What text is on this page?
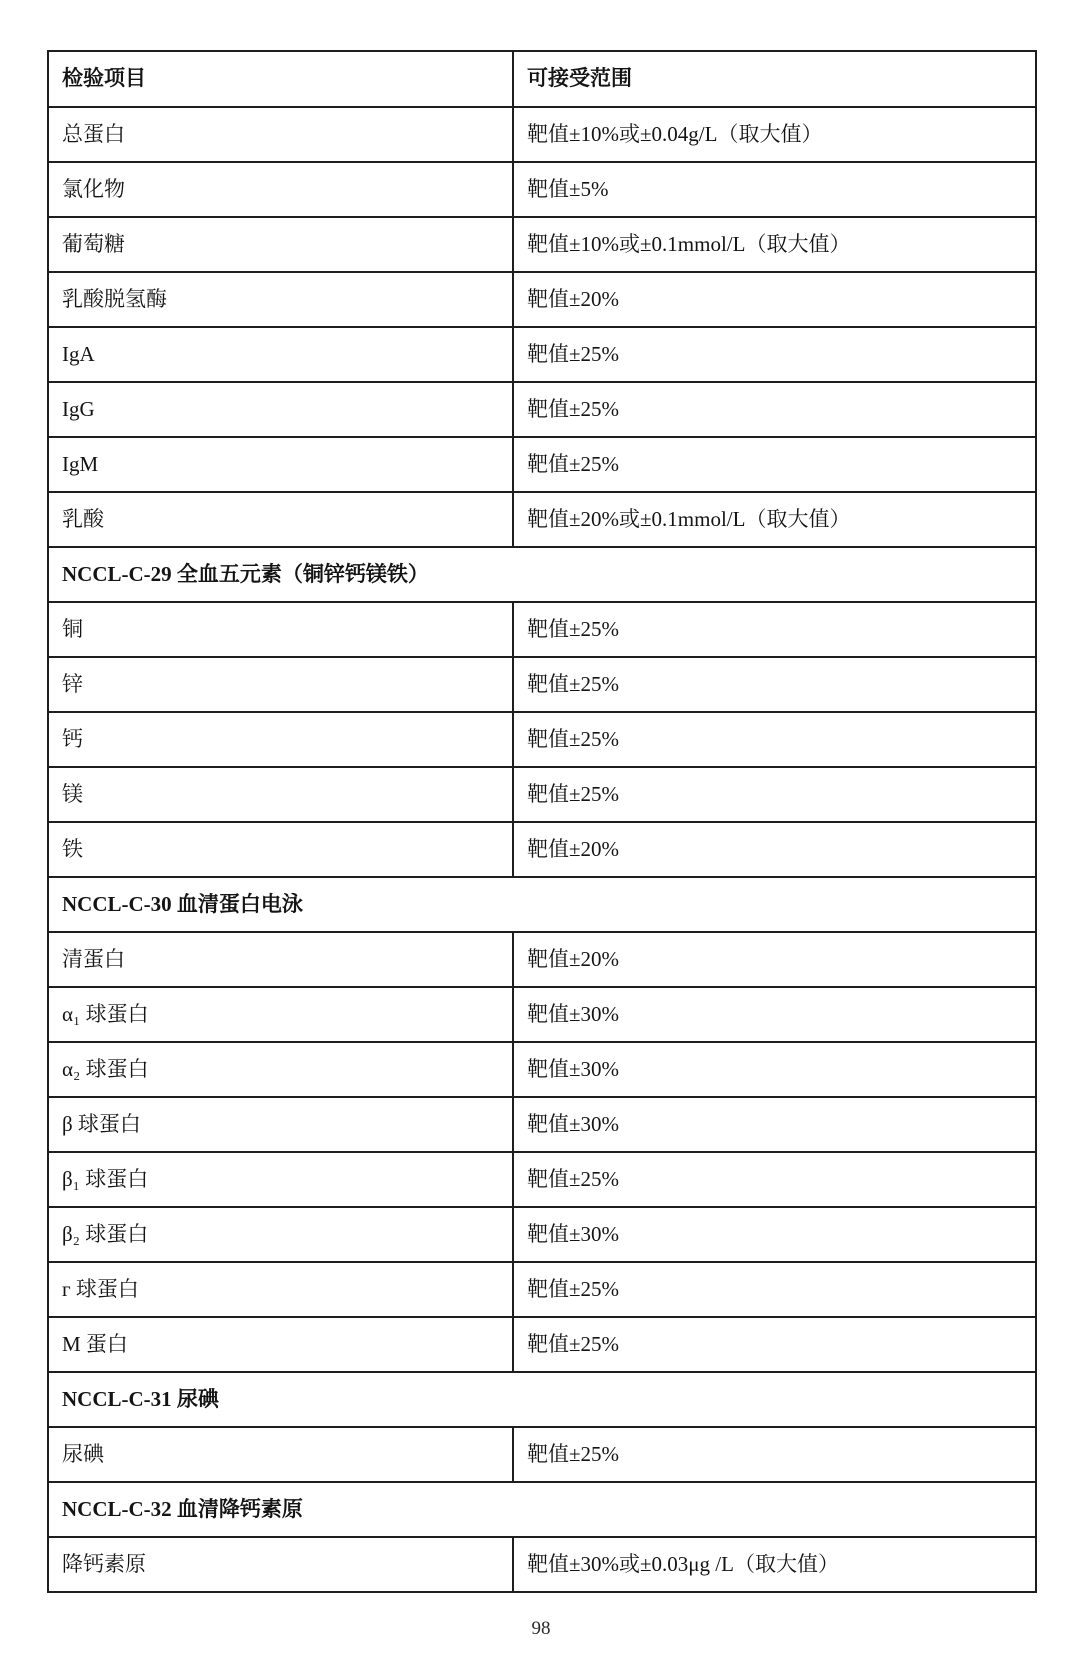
检验项目	可接受范围
总蛋白	靶值±10%或±0.04g/L（取大值）
氯化物	靶值±5%
葡萄糖	靶值±10%或±0.1mmol/L（取大值）
乳酸脱氢酶	靶值±20%
IgA	靶值±25%
IgG	靶值±25%
IgM	靶值±25%
乳酸	靶值±20%或±0.1mmol/L（取大值）
NCCL-C-29 全血五元素（铜锌钙镁铁）	
铜	靶值±25%
锌	靶值±25%
钙	靶值±25%
镁	靶值±25%
铁	靶值±20%
NCCL-C-30 血清蛋白电泳	
清蛋白	靶值±20%
α₁ 球蛋白	靶值±30%
α₂ 球蛋白	靶值±30%
β 球蛋白	靶值±30%
β₁ 球蛋白	靶值±25%
β₂ 球蛋白	靶值±30%
г 球蛋白	靶值±25%
M 蛋白	靶值±25%
NCCL-C-31 尿碘	
尿碘	靶值±25%
NCCL-C-32 血清降钙素原	
降钙素原	靶值±30%或±0.03μg /L（取大值）
98
